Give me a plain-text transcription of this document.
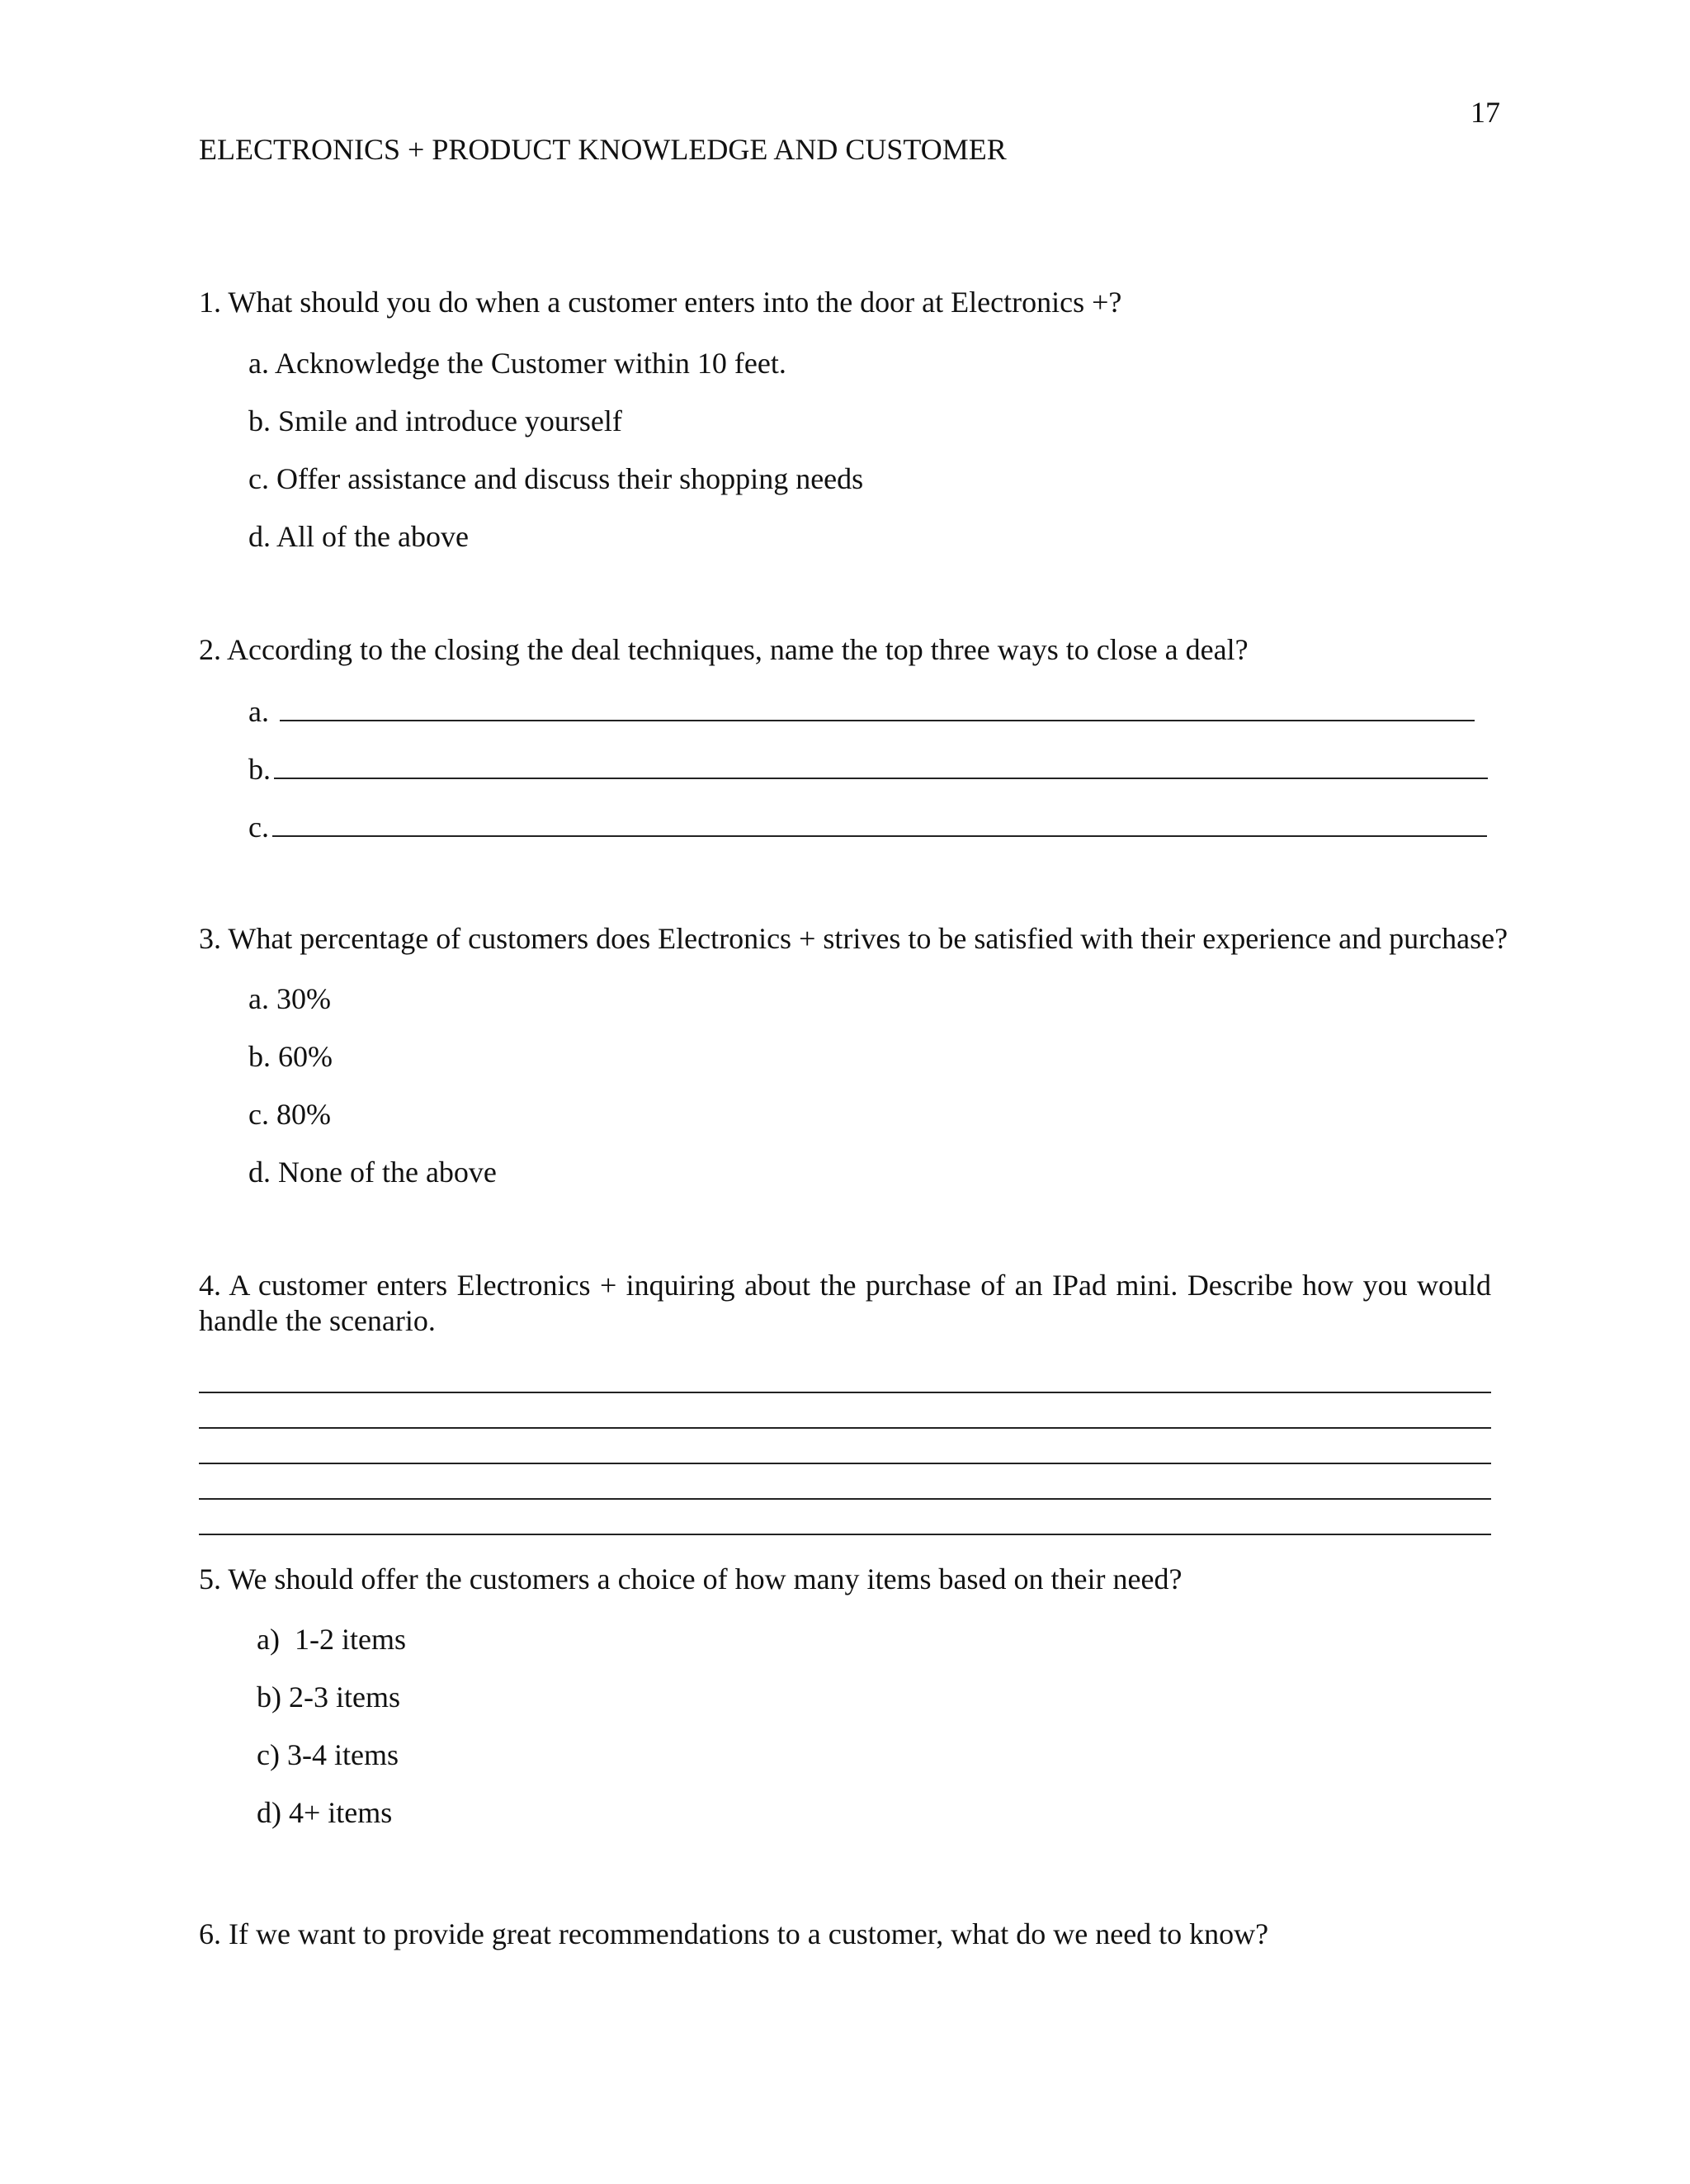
17
ELECTRONICS + PRODUCT KNOWLEDGE AND CUSTOMER
1. What should you do when a customer enters into the door at Electronics +?
a. Acknowledge the Customer within 10 feet.
b. Smile and introduce yourself
c. Offer assistance and discuss their shopping needs
d. All of the above
2. According to the closing the deal techniques, name the top three ways to close a deal?
a.
b.
c.
3. What percentage of customers does Electronics + strives to be satisfied with their experience and purchase?
a. 30%
b. 60%
c. 80%
d. None of the above
4. A customer enters Electronics + inquiring about the purchase of an IPad mini. Describe how you would handle the scenario.
5. We should offer the customers a choice of how many items based on their need?
a)  1-2 items
b) 2-3 items
c) 3-4 items
d) 4+ items
6. If we want to provide great recommendations to a customer, what do we need to know?
